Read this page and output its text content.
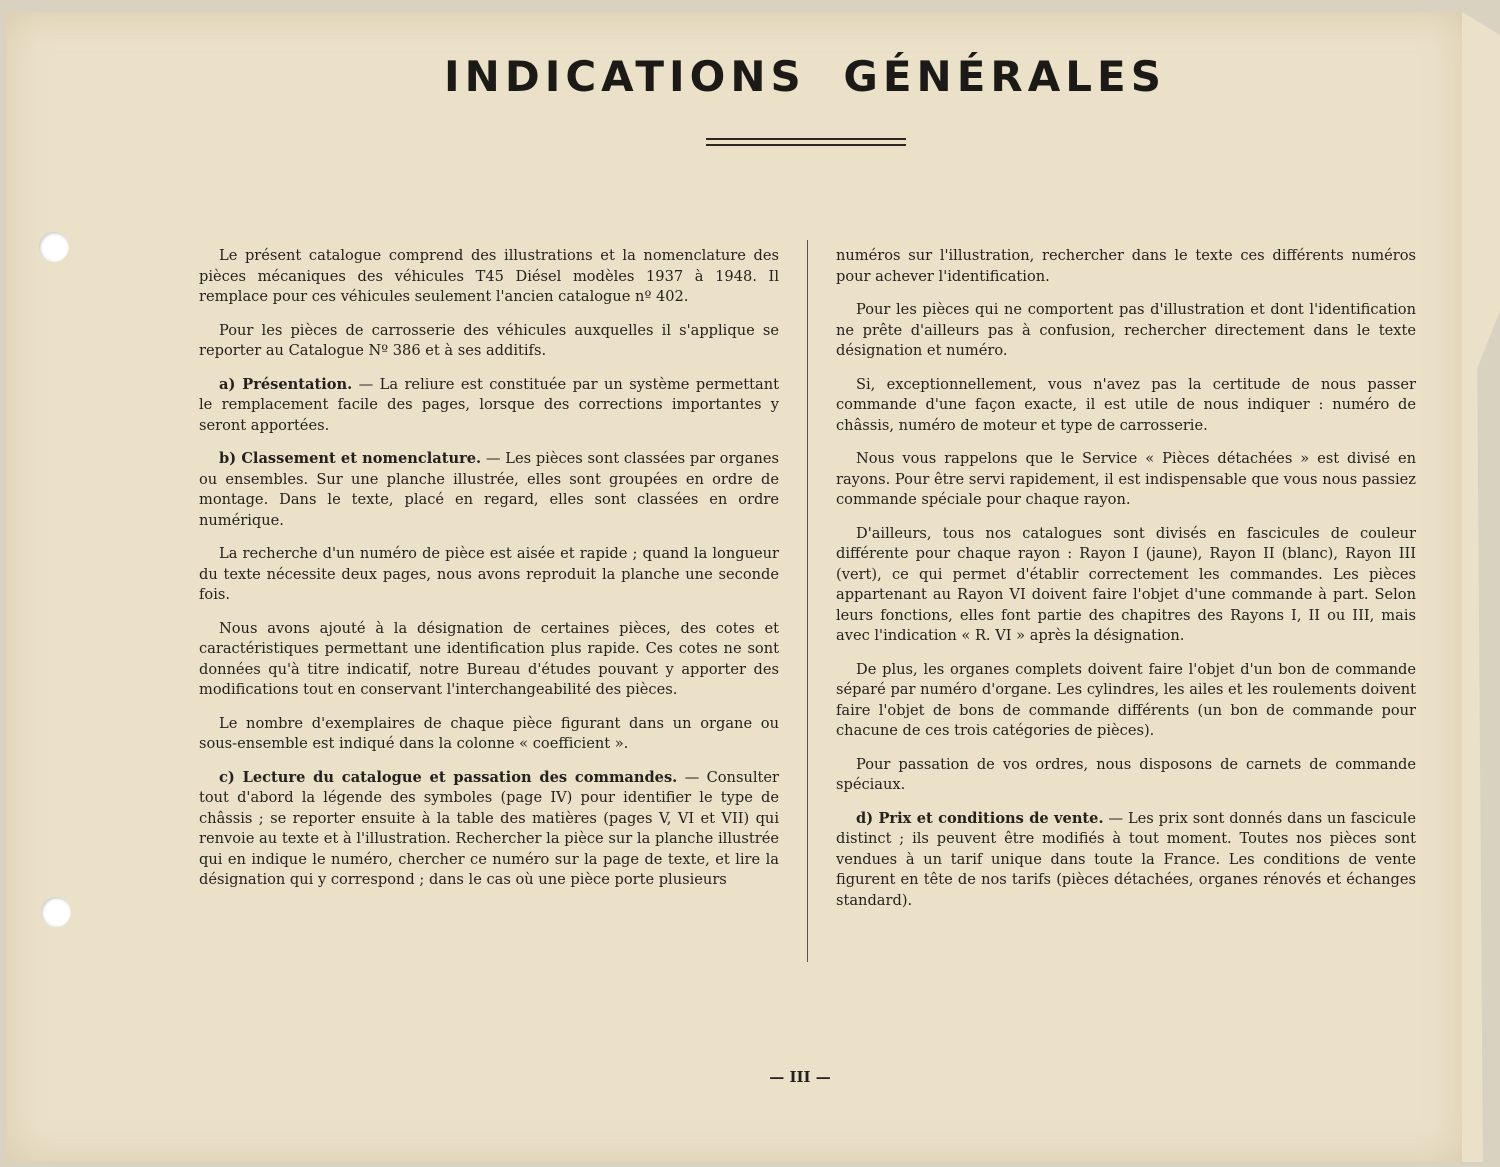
INDICATIONS GÉNÉRALES

Le présent catalogue comprend des illustrations et la nomenclature des pièces mécaniques des véhicules T45 Diésel modèles 1937 à 1948. Il remplace pour ces véhicules seulement l'ancien catalogue nº 402.

Pour les pièces de carrosserie des véhicules auxquelles il s'applique se reporter au Catalogue Nº 386 et à ses additifs.

a) Présentation. — La reliure est constituée par un système permettant le remplacement facile des pages, lorsque des corrections importantes y seront apportées.

b) Classement et nomenclature. — Les pièces sont classées par organes ou ensembles. Sur une planche illustrée, elles sont groupées en ordre de montage. Dans le texte, placé en regard, elles sont classées en ordre numérique.

La recherche d'un numéro de pièce est aisée et rapide ; quand la longueur du texte nécessite deux pages, nous avons reproduit la planche une seconde fois.

Nous avons ajouté à la désignation de certaines pièces, des cotes et caractéristiques permettant une identification plus rapide. Ces cotes ne sont données qu'à titre indicatif, notre Bureau d'études pouvant y apporter des modifications tout en conservant l'interchangeabilité des pièces.

Le nombre d'exemplaires de chaque pièce figurant dans un organe ou sous-ensemble est indiqué dans la colonne « coefficient ».

c) Lecture du catalogue et passation des commandes. — Consulter tout d'abord la légende des symboles (page IV) pour identifier le type de châssis ; se reporter ensuite à la table des matières (pages V, VI et VII) qui renvoie au texte et à l'illustration. Rechercher la pièce sur la planche illustrée qui en indique le numéro, chercher ce numéro sur la page de texte, et lire la désignation qui y correspond ; dans le cas où une pièce porte plusieurs

numéros sur l'illustration, rechercher dans le texte ces différents numéros pour achever l'identification.

Pour les pièces qui ne comportent pas d'illustration et dont l'identification ne prête d'ailleurs pas à confusion, rechercher directement dans le texte désignation et numéro.

Si, exceptionnellement, vous n'avez pas la certitude de nous passer commande d'une façon exacte, il est utile de nous indiquer : numéro de châssis, numéro de moteur et type de carrosserie.

Nous vous rappelons que le Service « Pièces détachées » est divisé en rayons. Pour être servi rapidement, il est indispensable que vous nous passiez commande spéciale pour chaque rayon.

D'ailleurs, tous nos catalogues sont divisés en fascicules de couleur différente pour chaque rayon : Rayon I (jaune), Rayon II (blanc), Rayon III (vert), ce qui permet d'établir correctement les commandes. Les pièces appartenant au Rayon VI doivent faire l'objet d'une commande à part. Selon leurs fonctions, elles font partie des chapitres des Rayons I, II ou III, mais avec l'indication « R. VI » après la désignation.

De plus, les organes complets doivent faire l'objet d'un bon de commande séparé par numéro d'organe. Les cylindres, les ailes et les roulements doivent faire l'objet de bons de commande différents (un bon de commande pour chacune de ces trois catégories de pièces).

Pour passation de vos ordres, nous disposons de carnets de commande spéciaux.

d) Prix et conditions de vente. — Les prix sont donnés dans un fascicule distinct ; ils peuvent être modifiés à tout moment. Toutes nos pièces sont vendues à un tarif unique dans toute la France. Les conditions de vente figurent en tête de nos tarifs (pièces détachées, organes rénovés et échanges standard).

— III —
